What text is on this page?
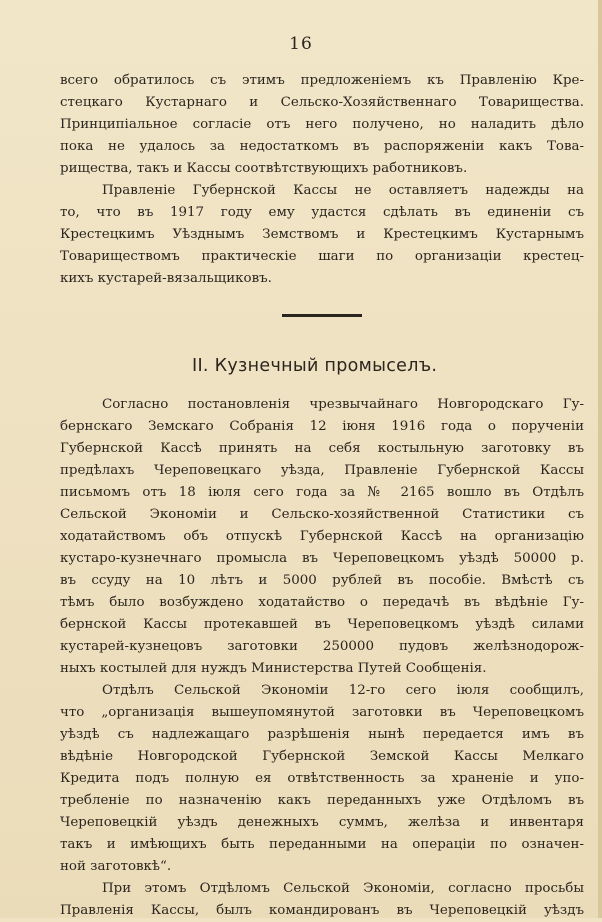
16
всего обратилось съ этимъ предложеніемъ къ Правленію Кре-
стецкаго Кустарнаго и Сельско-Хозяйственнаго Товарищества.
Принципіальное согласіе отъ него получено, но наладить дѣло
пока не удалось за недостаткомъ въ распоряженіи какъ Това-
рищества, такъ и Кассы соотвѣтствующихъ работниковъ.
Правленіе Губернской Кассы не оставляетъ надежды на
то, что въ 1917 году ему удастся сдѣлать въ единеніи съ
Крестецкимъ Уѣзднымъ Земствомъ и Крестецкимъ Кустарнымъ
Товариществомъ практическіе шаги по организаціи крестец-
кихъ кустарей-вязальщиковъ.
II. Кузнечный промыселъ.
Согласно постановленія чрезвычайнаго Новгородскаго Гу-
бернскаго Земскаго Собранія 12 іюня 1916 года о порученіи
Губернской Кассѣ принять на себя костыльную заготовку въ
предѣлахъ Череповецкаго уѣзда, Правленіе Губернской Кассы
письмомъ отъ 18 іюля сего года за № 2165 вошло въ Отдѣлъ
Сельской Экономіи и Сельско-хозяйственной Статистики съ
ходатайствомъ объ отпускѣ Губернской Кассѣ на организацію
кустаро-кузнечнаго промысла въ Череповецкомъ уѣздѣ 50000 р.
въ ссуду на 10 лѣтъ и 5000 рублей въ пособіе. Вмѣстѣ съ
тѣмъ было возбуждено ходатайство о передачѣ въ вѣдѣніе Гу-
бернской Кассы протекавшей въ Череповецкомъ уѣздѣ силами
кустарей-кузнецовъ заготовки 250000 пудовъ желѣзнодорож-
ныхъ костылей для нуждъ Министерства Путей Сообщенія.
Отдѣлъ Сельской Экономіи 12-го сего іюля сообщилъ,
что „организація вышеупомянутой заготовки въ Череповецкомъ
уѣздѣ съ надлежащаго разрѣшенія нынѣ передается имъ въ
вѣдѣніе Новгородской Губернской Земской Кассы Мелкаго
Кредита подъ полную ея отвѣтственность за храненіе и упо-
требленіе по назначенію какъ переданныхъ уже Отдѣломъ въ
Череповецкій уѣздъ денежныхъ суммъ, желѣза и инвентаря
такъ и имѣющихъ быть переданными на операціи по означен-
ной заготовкѣ“.
При этомъ Отдѣломъ Сельской Экономіи, согласно просьбы
Правленія Кассы, былъ командированъ въ Череповецкій уѣздъ
